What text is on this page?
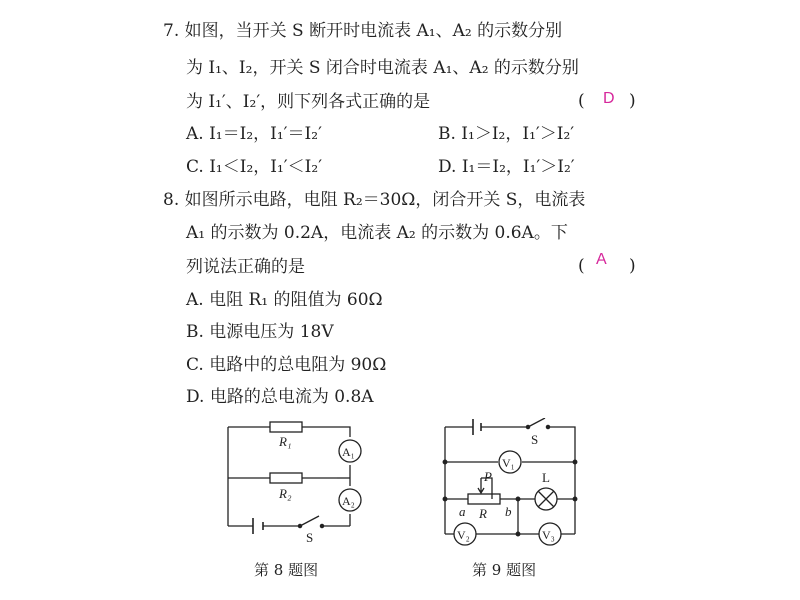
7. 如图，当开关 S 断开时电流表 A₁、A₂ 的示数分别
为 I₁、I₂，开关 S 闭合时电流表 A₁、A₂ 的示数分别
为 I₁′、I₂′，则下列各式正确的是	( D )
A. I₁＝I₂，I₁′＝I₂′	B. I₁＞I₂，I₁′＞I₂′
C. I₁＜I₂，I₁′＜I₂′	D. I₁＝I₂，I₁′＞I₂′
8. 如图所示电路，电阻 R₂＝30Ω，闭合开关 S，电流表
A₁ 的示数为 0.2A，电流表 A₂ 的示数为 0.6A。下
列说法正确的是	( A )
A. 电阻 R₁ 的阻值为 60Ω
B. 电源电压为 18V
C. 电路中的总电阻为 90Ω
D. 电路的总电流为 0.8A
R₁
R₂
A₁
A₂
S
第 8 题图
S
V₁
P	L
a R b
V₂	V₃
第 9 题图
